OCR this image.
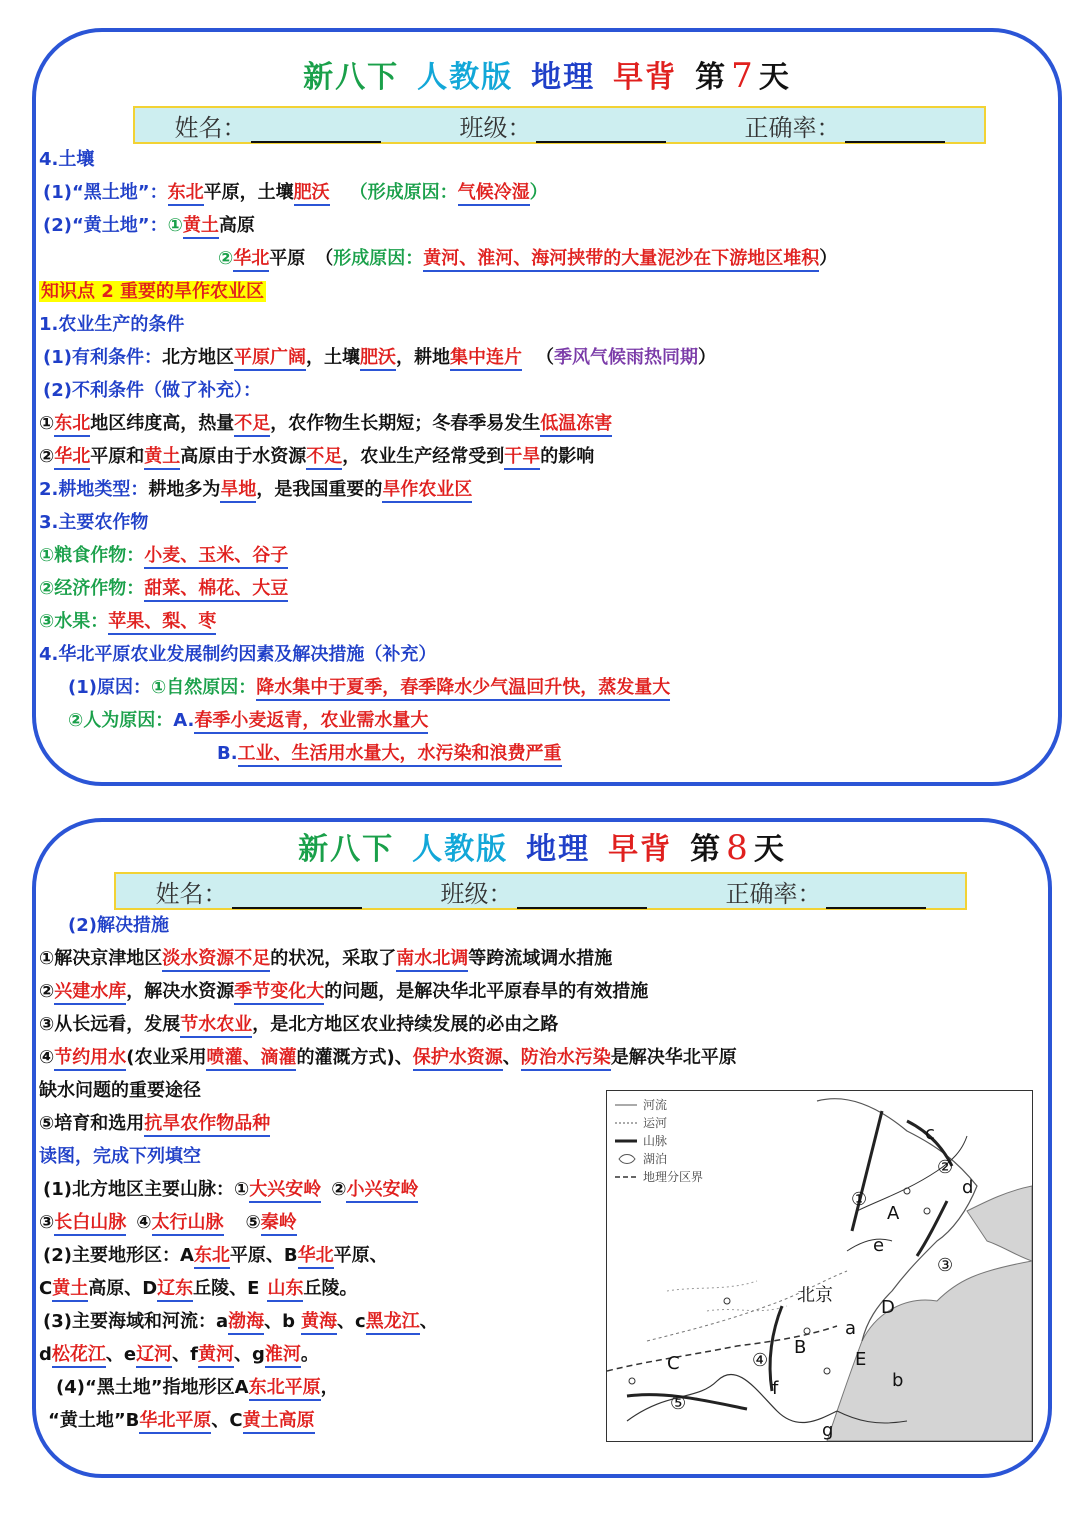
新八下 人教版 地理 早背 第 7 天
姓名：	班级：	正确率：
4.土壤
(1)“黑土地”：东北平原，土壤肥沃 （形成原因：气候冷湿）
(2)“黄土地”：①黄土高原
②华北平原 （形成原因：黄河、淮河、海河挟带的大量泥沙在下游地区堆积）
知识点 2 重要的旱作农业区
1.农业生产的条件
(1)有利条件：北方地区平原广阔，土壤肥沃，耕地集中连片 （季风气候雨热同期）
(2)不利条件（做了补充）：
①东北地区纬度高，热量不足，农作物生长期短；冬春季易发生低温冻害
②华北平原和黄土高原由于水资源不足，农业生产经常受到干旱的影响
2.耕地类型：耕地多为旱地，是我国重要的旱作农业区
3.主要农作物
①粮食作物：小麦、玉米、谷子
②经济作物：甜菜、棉花、大豆
③水果：苹果、梨、枣
4.华北平原农业发展制约因素及解决措施（补充）
(1)原因：①自然原因：降水集中于夏季，春季降水少气温回升快，蒸发量大
②人为原因：A.春季小麦返青，农业需水量大
B.工业、生活用水量大，水污染和浪费严重
新八下 人教版 地理 早背 第 8 天
姓名：	班级：	正确率：
(2)解决措施
①解决京津地区淡水资源不足的状况，采取了南水北调等跨流域调水措施
②兴建水库，解决水资源季节变化大的问题，是解决华北平原春旱的有效措施
③从长远看，发展节水农业，是北方地区农业持续发展的必由之路
④节约用水(农业采用喷灌、滴灌的灌溉方式)、保护水资源、防治水污染是解决华北平原
缺水问题的重要途径
⑤培育和选用抗旱农作物品种
读图，完成下列填空
(1)北方地区主要山脉：①大兴安岭 ②小兴安岭
③长白山脉 ④太行山脉 ⑤秦岭
(2)主要地形区：A东北平原、B华北平原、
C黄土高原、D辽东丘陵、E 山东丘陵。
(3)主要海域和河流：a渤海、b 黄海、c黑龙江、
d松花江、e辽河、f黄河、g淮河。
(4)“黑土地”指地形区A东北平原，
“黄土地”B华北平原、C黄土高原
河流
运河
山脉
湖泊
地理分区界
北京
A
B
C
D
E
a
b
c
d
e
f
g
①
②
③
④
⑤
